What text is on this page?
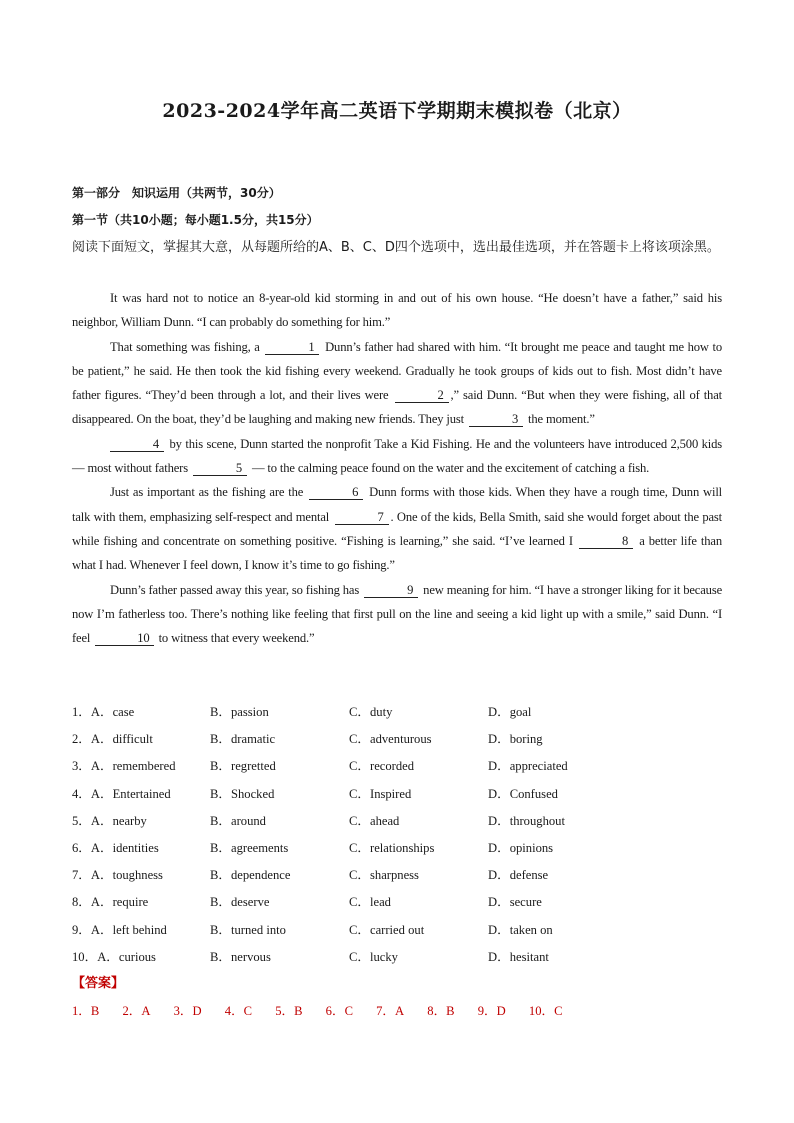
2023-2024学年高二英语下学期期末模拟卷（北京）
第一部分　知识运用（共两节，30分）
第一节（共10小题；每小题1.5分，共15分）
阅读下面短文，掌握其大意，从每题所给的A、B、C、D四个选项中，选出最佳选项，并在答题卡上将该项涂黑。

It was hard not to notice an 8-year-old kid storming in and out of his own house. “He doesn’t have a father,” said his neighbor, William Dunn. “I can probably do something for him.”

That something was fishing, a	1 Dunn’s father had shared with him. “It brought me peace and taught me how to be patient,” he said. He then took the kid fishing every weekend. Gradually he took groups of kids out to fish. Most didn’t have father figures. “They’d been through a lot, and their lives were	2 ,” said Dunn. “But when they were fishing, all of that disappeared. On the boat, they’d be laughing and making new friends. They just	3 the moment.”

4 by this scene, Dunn started the nonprofit Take a Kid Fishing. He and the volunteers have introduced 2,500 kids — most without fathers	5 — to the calming peace found on the water and the excitement of catching a fish.

Just as important as the fishing are the	6 Dunn forms with those kids. When they have a rough time, Dunn will talk with them, emphasizing self-respect and mental	7 . One of the kids, Bella Smith, said she would forget about the past while fishing and concentrate on something positive. “Fishing is learning,” she said. “I’ve learned I	8 a better life than what I had. Whenever I feel down, I know it’s time to go fishing.”

Dunn’s father passed away this year, so fishing has	9 new meaning for him. “I have a stronger liking for it because now I’m fatherless too. There’s nothing like feeling that first pull on the line and seeing a kid light up with a smile,” said Dunn. “I feel	10 to witness that every weekend.”

1．A．case	B．passion	C．duty	D．goal
2．A．difficult	B．dramatic	C．adventurous	D．boring
3．A．remembered	B．regretted	C．recorded	D．appreciated
4．A．Entertained	B．Shocked	C．Inspired	D．Confused
5．A．nearby	B．around	C．ahead	D．throughout
6．A．identities	B．agreements	C．relationships	D．opinions
7．A．toughness	B．dependence	C．sharpness	D．defense
8．A．require	B．deserve	C．lead	D．secure
9．A．left behind	B．turned into	C．carried out	D．taken on
10．A．curious	B．nervous	C．lucky	D．hesitant
【答案】
1．B 2．A 3．D 4．C 5．B 6．C 7．A 8．B 9．D 10．C
